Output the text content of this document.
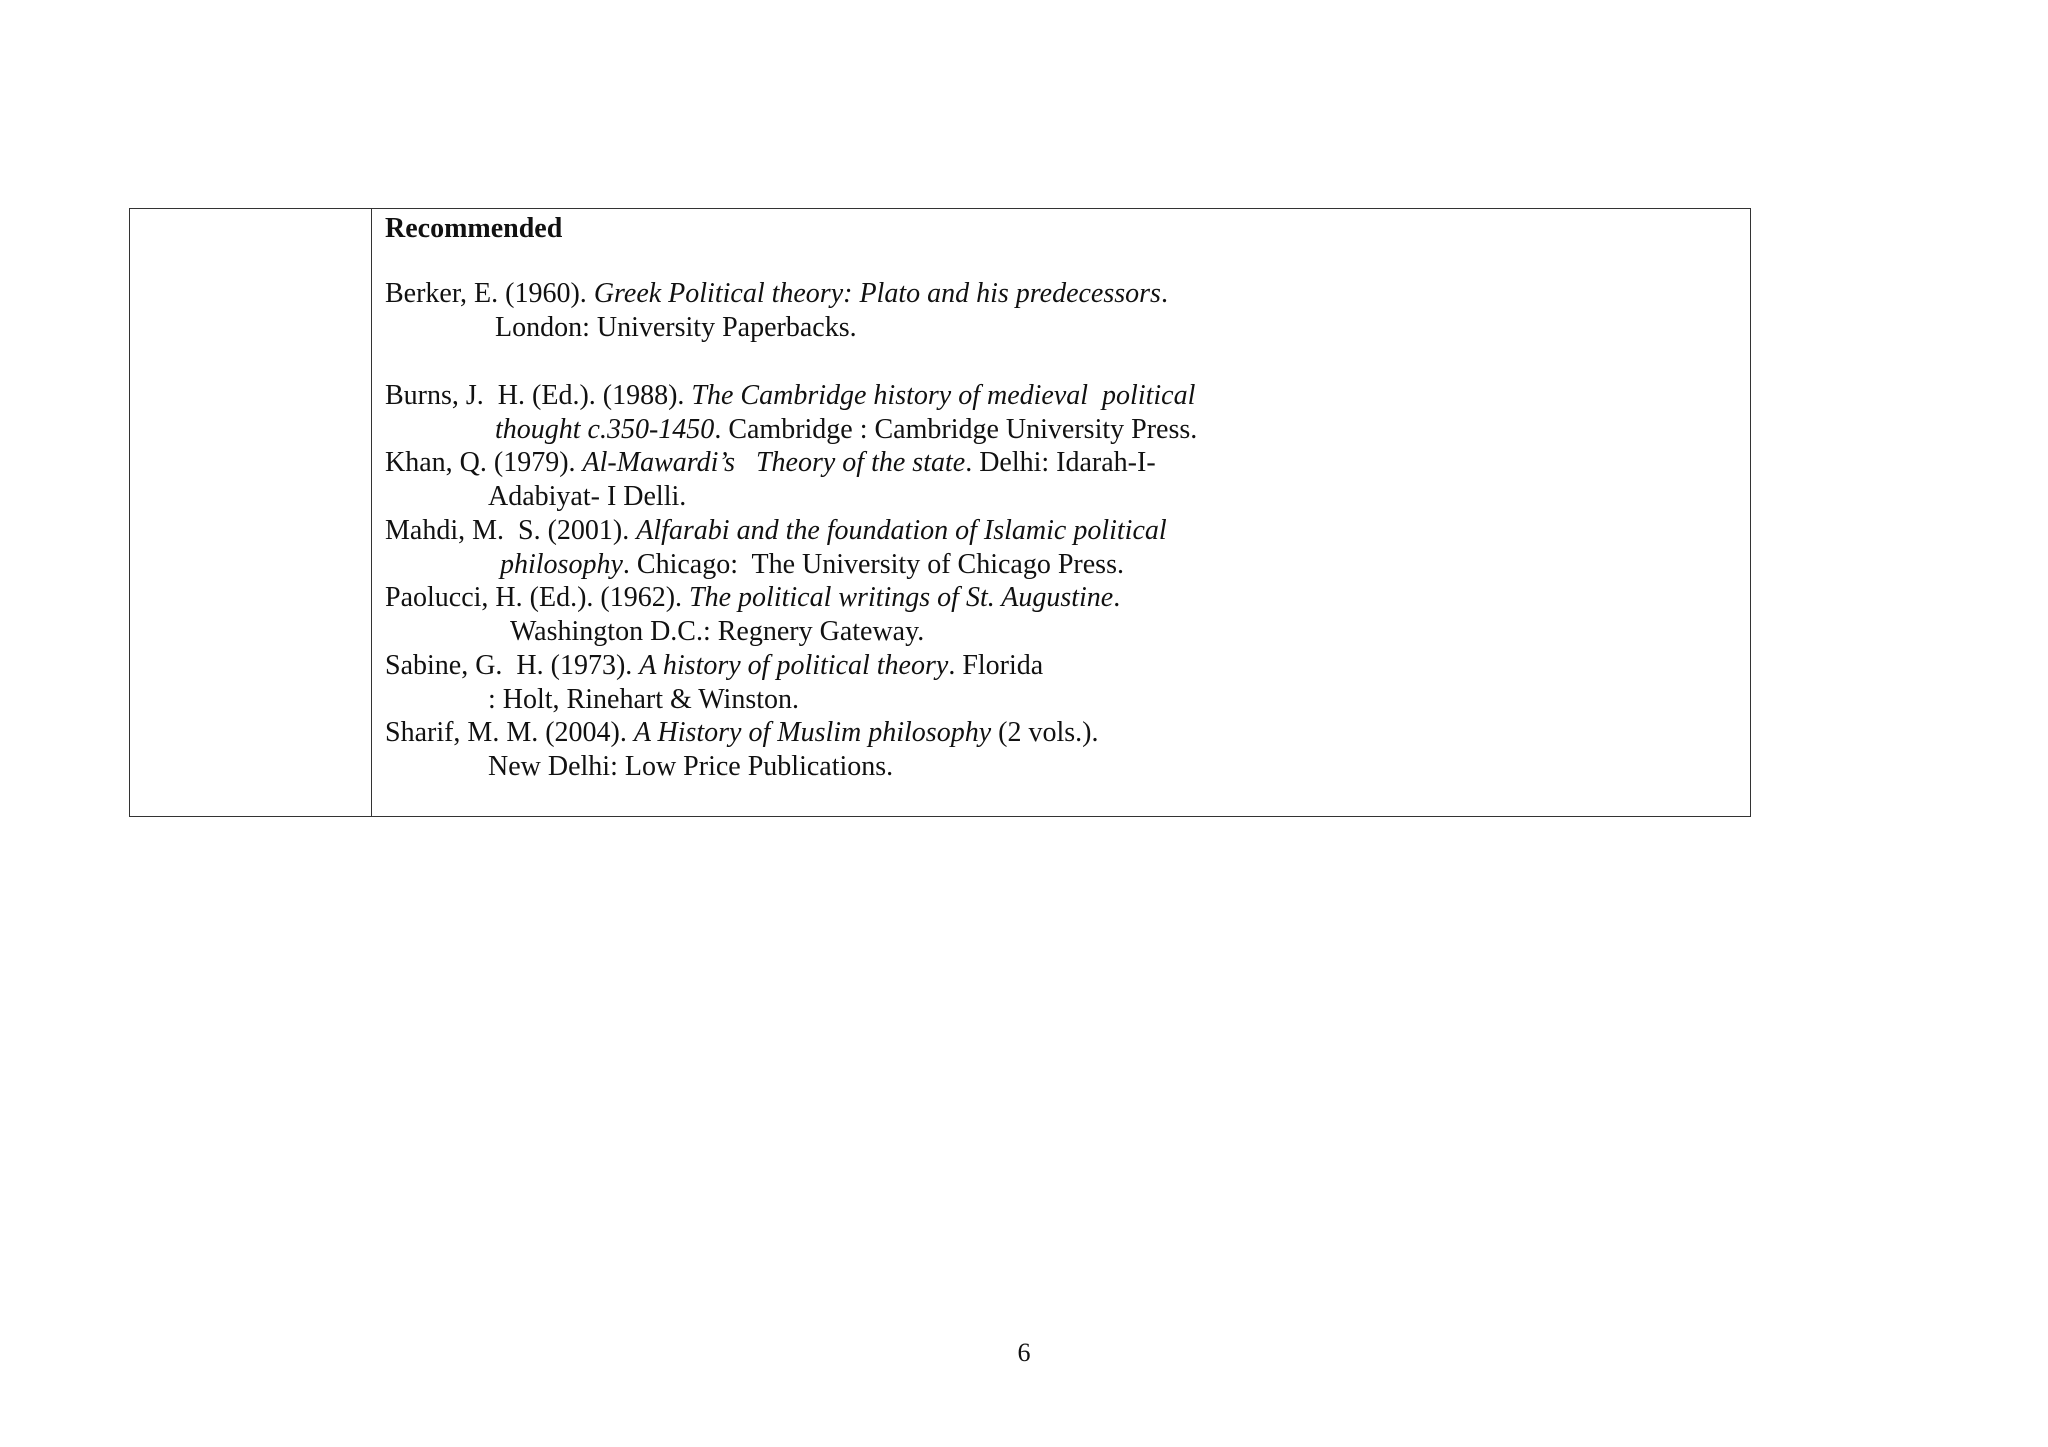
Recommended
Berker, E. (1960). Greek Political theory: Plato and his predecessors.
London: University Paperbacks.
Burns, J.  H. (Ed.). (1988). The Cambridge history of medieval  political
thought c.350-1450. Cambridge : Cambridge University Press.
Khan, Q. (1979). Al-Mawardi’s   Theory of the state. Delhi: Idarah-I-
Adabiyat- I Delli.
Mahdi, M.  S. (2001). Alfarabi and the foundation of Islamic political
philosophy. Chicago:  The University of Chicago Press.
Paolucci, H. (Ed.). (1962). The political writings of St. Augustine.
Washington D.C.: Regnery Gateway.
Sabine, G.  H. (1973). A history of political theory. Florida
: Holt, Rinehart & Winston.
Sharif, M. M. (2004). A History of Muslim philosophy (2 vols.).
New Delhi: Low Price Publications.
6
